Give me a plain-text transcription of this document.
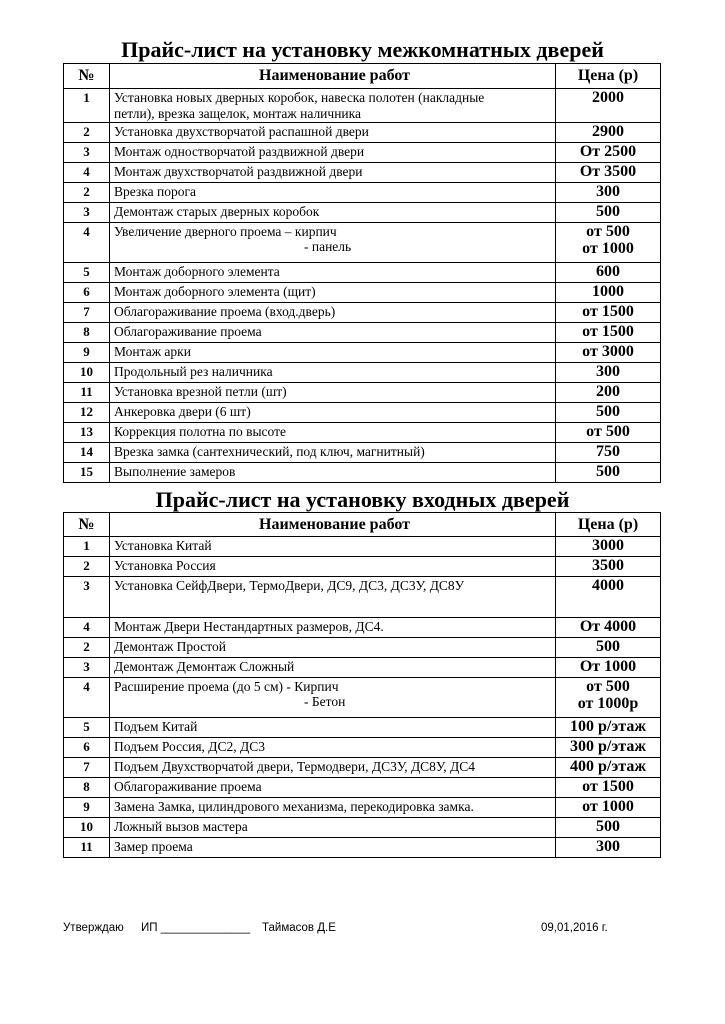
Прайс-лист на установку межкомнатных дверей
№	Наименование работ	Цена (р)

1	Установка новых дверных коробок, навеска полотен (накладные
петли), врезка защелок, монтаж наличника	2000

2	Установка двухстворчатой распашной двери	2900

3	Монтаж одностворчатой раздвижной двери	От 2500

4	Монтаж двухстворчатой раздвижной двери	От 3500

2	Врезка порога	300

3	Демонтаж старых дверных коробок	500

4	Увеличение дверного проема – кирпич
- панель	от 500
от 1000

5	Монтаж доборного элемента	600

6	Монтаж доборного элемента (щит)	1000

7	Облагораживание проема (вход.дверь)	от 1500

8	Облагораживание проема	от 1500

9	Монтаж арки	от 3000

10	Продольный рез наличника	300

11	Установка врезной петли (шт)	200

12	Анкеровка двери (6 шт)	500

13	Коррекция полотна по высоте	от 500

14	Врезка замка (сантехнический, под ключ, магнитный)	750

15	Выполнение замеров	500
Прайс-лист на установку входных дверей
№	Наименование работ	Цена (р)

1	Установка Китай	3000

2	Установка Россия	3500

3	Установка СейфДвери, ТермоДвери, ДС9, ДС3, ДС3У, ДС8У	4000

4	Монтаж Двери Нестандартных размеров, ДС4.	От 4000

2	Демонтаж Простой	500

3	Демонтаж Демонтаж Сложный	От 1000

4	Расширение проема (до 5 см) - Кирпич
- Бетон	от 500
от 1000р

5	Подъем Китай	100 р/этаж

6	Подъем Россия, ДС2, ДС3	300 р/этаж

7	Подъем Двухстворчатой двери, Термодвери, ДС3У, ДС8У, ДС4	400 р/этаж

8	Облагораживание проема	от 1500

9	Замена Замка, цилиндрового механизма, перекодировка замка.	от 1000

10	Ложный вызов мастера	500

11	Замер проема	300
Утверждаю ИП ______________ Таймасов Д.Е	09,01,2016 г.
